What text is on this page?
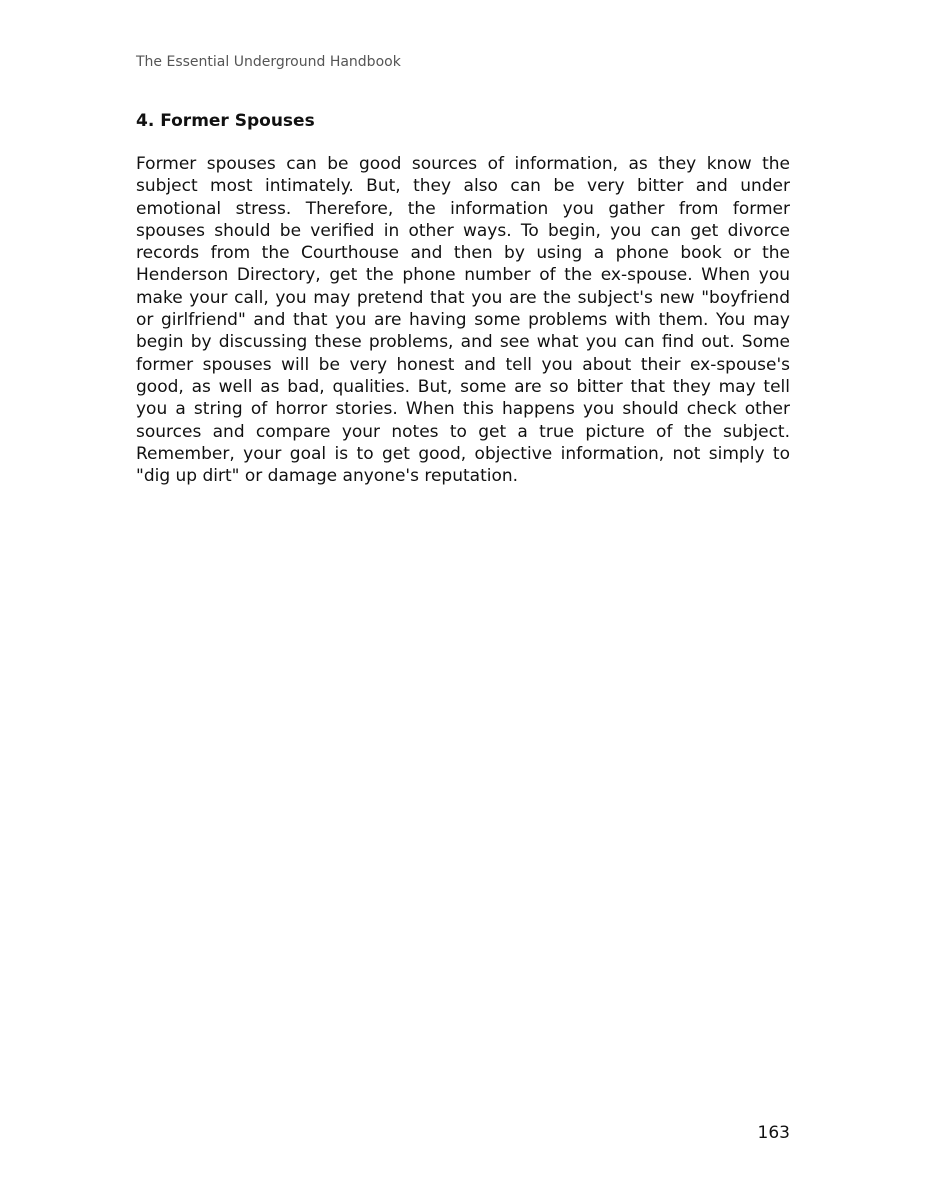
The Essential Underground Handbook
4. Former Spouses

Former spouses can be good sources of information, as they know the subject most intimately. But, they also can be very bitter and under emotional stress. Therefore, the information you gather from former spouses should be verified in other ways. To begin, you can get divorce records from the Courthouse and then by using a phone book or the Henderson Directory, get the phone number of the ex-spouse. When you make your call, you may pretend that you are the subject's new "boyfriend or girlfriend" and that you are having some problems with them. You may begin by discussing these problems, and see what you can find out. Some former spouses will be very honest and tell you about their ex-spouse's good, as well as bad, qualities. But, some are so bitter that they may tell you a string of horror stories. When this happens you should check other sources and compare your notes to get a true picture of the subject. Remember, your goal is to get good, objective information, not simply to "dig up dirt" or damage anyone's reputation.

163
